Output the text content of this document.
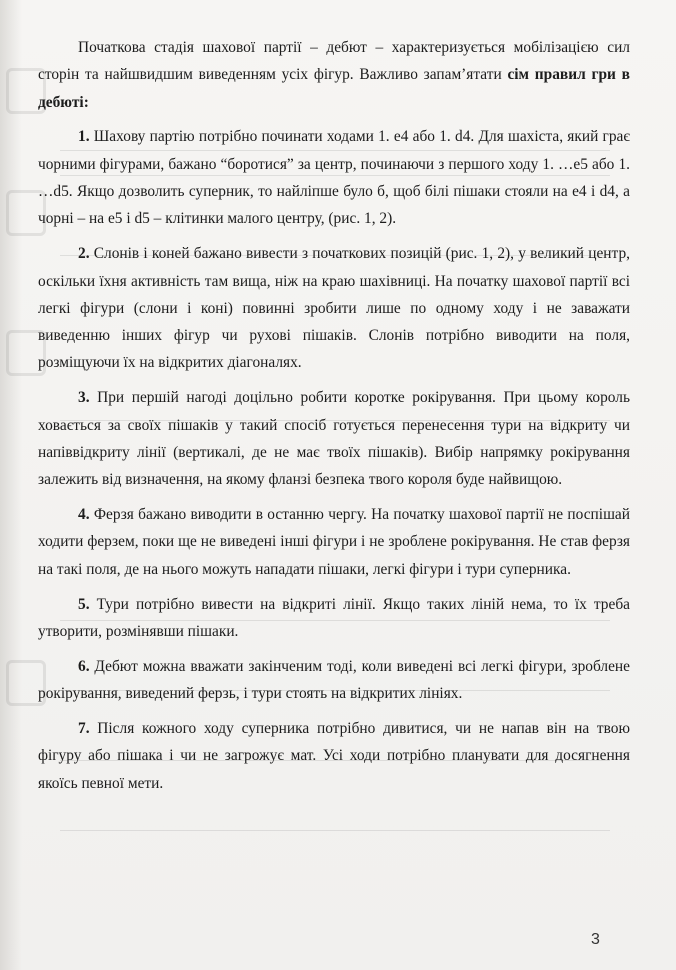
Початкова стадія шахової партії – дебют – характеризується мобілізацією сил сторін та найшвидшим виведенням усіх фігур. Важливо запам’ятати сім правил гри в дебюті:

1. Шахову партію потрібно починати ходами 1. е4 або 1. d4. Для шахіста, який грає чорними фігурами, бажано “боротися” за центр, починаючи з першого ходу 1. …е5 або 1. …d5. Якщо дозволить суперник, то найліпше було б, щоб білі пішаки стояли на е4 і d4, а чорні – на е5 і d5 – клітинки малого центру, (рис. 1, 2).

2. Слонів і коней бажано вивести з початкових позицій (рис. 1, 2), у великий центр, оскільки їхня активність там вища, ніж на краю шахівниці. На початку шахової партії всі легкі фігури (слони і коні) повинні зробити лише по одному ходу і не заважати виведенню інших фігур чи рухові пішаків. Слонів потрібно виводити на поля, розміщуючи їх на відкритих діагоналях.

3. При першій нагоді доцільно робити коротке рокірування. При цьому король ховається за своїх пішаків у такий спосіб готується перенесення тури на відкриту чи напіввідкриту лінії (вертикалі, де не має твоїх пішаків). Вибір напрямку рокірування залежить від визначення, на якому фланзі безпека твого короля буде найвищою.

4. Ферзя бажано виводити в останню чергу. На початку шахової партії не поспішай ходити ферзем, поки ще не виведені інші фігури і не зроблене рокірування. Не став ферзя на такі поля, де на нього можуть нападати пішаки, легкі фігури і тури суперника.

5. Тури потрібно вивести на відкриті лінії. Якщо таких ліній нема, то їх треба утворити, розмінявши пішаки.

6. Дебют можна вважати закінченим тоді, коли виведені всі легкі фігури, зроблене рокірування, виведений ферзь, і тури стоять на відкритих лініях.

7. Після кожного ходу суперника потрібно дивитися, чи не напав він на твою фігуру або пішака і чи не загрожує мат. Усі ходи потрібно планувати для досягнення якоїсь певної мети.

3
